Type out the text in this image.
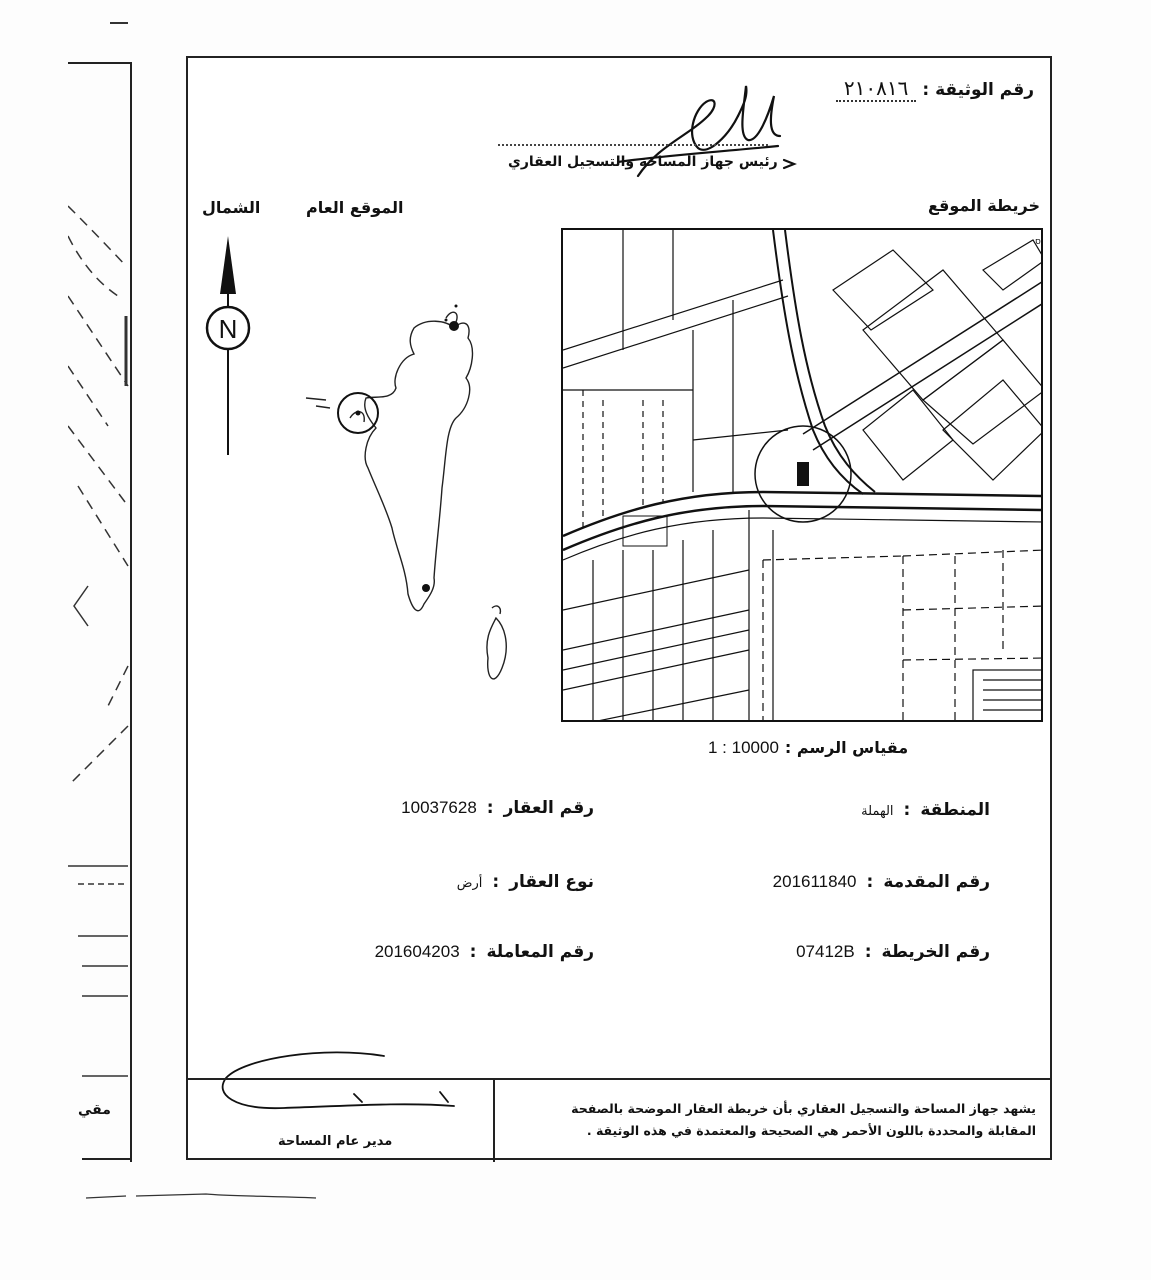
مقي
رقم الوثيقة :
٢١٠٨١٦
رئيس جهاز المساحة والتسجيل العقاري
خريطة الموقع
الموقع العام
الشمال
N
ס
مقياس الرسم :
1 : 10000
المنطقة
:
الهملة
رقم العقار
:
10037628
رقم المقدمة
:
201611840
نوع العقار
:
أرض
رقم الخريطة
:
07412B
رقم المعاملة
:
201604203
يشهد جهاز المساحة والتسجيل العقاري بأن خريطة العقار الموضحة بالصفحة المقابلة والمحددة باللون الأحمر هي الصحيحة والمعتمدة في هذه الوثيقة .
مدير عام المساحة
